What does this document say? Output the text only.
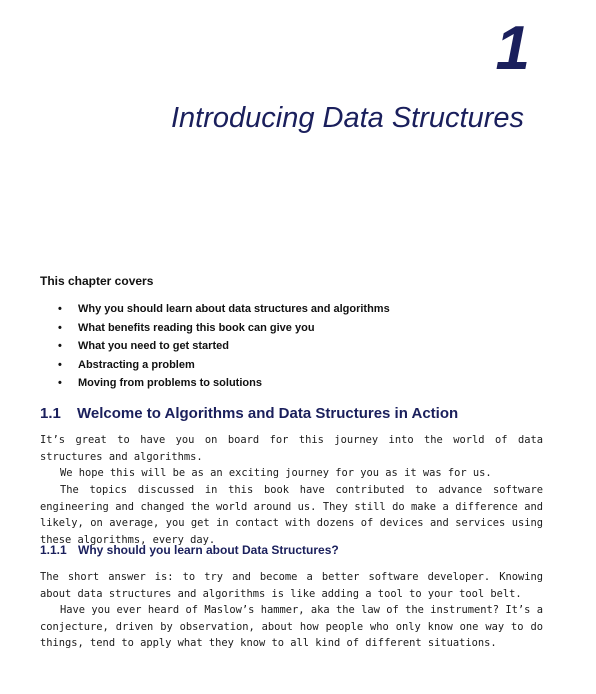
1
Introducing Data Structures
This chapter covers
• Why you should learn about data structures and algorithms
• What benefits reading this book can give you
• What you need to get started
• Abstracting a problem
• Moving from problems to solutions
1.1 Welcome to Algorithms and Data Structures in Action

It’s great to have you on board for this journey into the world of data structures and algorithms.

We hope this will be as an exciting journey for you as it was for us.

The topics discussed in this book have contributed to advance software engineering and changed the world around us. They still do make a difference and likely, on average, you get in contact with dozens of devices and services using these algorithms, every day.

1.1.1 Why should you learn about Data Structures?

The short answer is: to try and become a better software developer. Knowing about data structures and algorithms is like adding a tool to your tool belt.

Have you ever heard of Maslow’s hammer, aka the law of the instrument? It’s a conjecture, driven by observation, about how people who only know one way to do things, tend to apply what they know to all kind of different situations.
